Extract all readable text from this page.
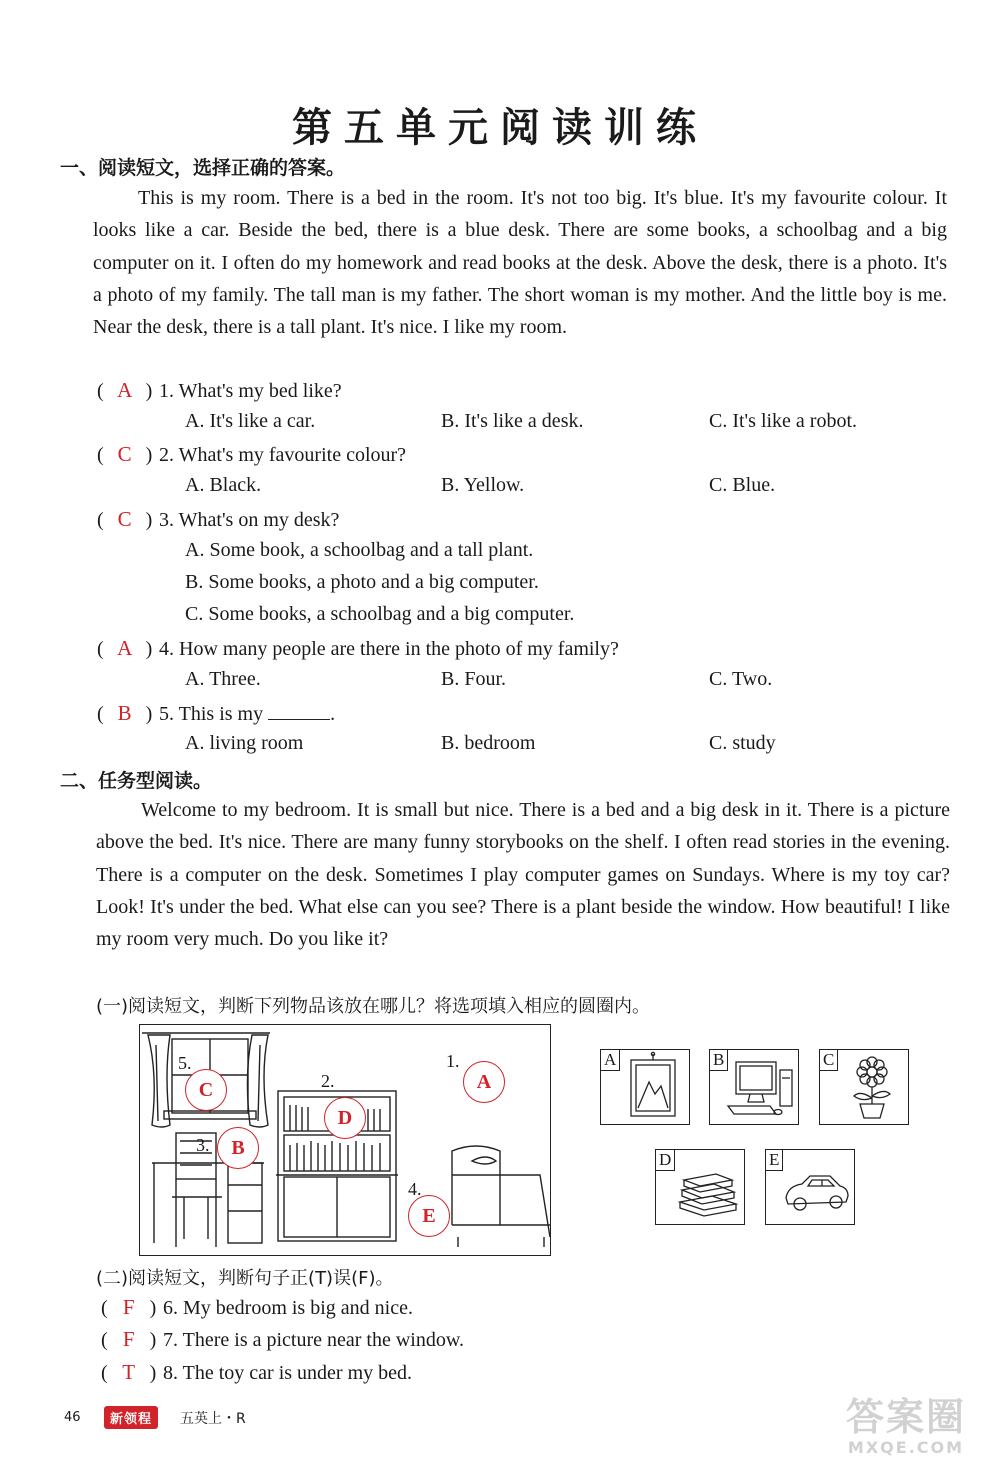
第五单元阅读训练
一、阅读短文，选择正确的答案。

This is my room. There is a bed in the room. It's not too big. It's blue. It's my favourite colour. It looks like a car. Beside the bed, there is a blue desk. There are some books, a schoolbag and a big computer on it. I often do my homework and read books at the desk. Above the desk, there is a photo. It's a photo of my family. The tall man is my father. The short woman is my mother. And the little boy is me. Near the desk, there is a tall plant. It's nice. I like my room.

( A ) 1. What's my bed like?
A. It's like a car.	B. It's like a desk.	C. It's like a robot.
( C ) 2. What's my favourite colour?
A. Black.	B. Yellow.	C. Blue.
( C ) 3. What's on my desk?
A. Some book, a schoolbag and a tall plant.
B. Some books, a photo and a big computer.
C. Some books, a schoolbag and a big computer.
( A ) 4. How many people are there in the photo of my family?
A. Three.	B. Four.	C. Two.
( B ) 5. This is my	.
A. living room	B. bedroom	C. study
二、任务型阅读。

Welcome to my bedroom. It is small but nice. There is a bed and a big desk in it. There is a picture above the bed. It's nice. There are many funny storybooks on the shelf. I often read stories in the evening. There is a computer on the desk. Sometimes I play computer games on Sundays. Where is my toy car? Look! It's under the bed. What else can you see? There is a plant beside the window. How beautiful! I like my room very much. Do you like it?

(一)阅读短文，判断下列物品该放在哪儿？将选项填入相应的圆圈内。
5.
2.
1.
3.
4.
C
D
A
B
E
A	B	C
D	E
(二)阅读短文，判断句子正(T)误(F)。
( F ) 6. My bedroom is big and nice.
( F ) 7. There is a picture near the window.
( T ) 8. The toy car is under my bed.
46	新领程	五英上・R	答案圈
MXQE.COM
